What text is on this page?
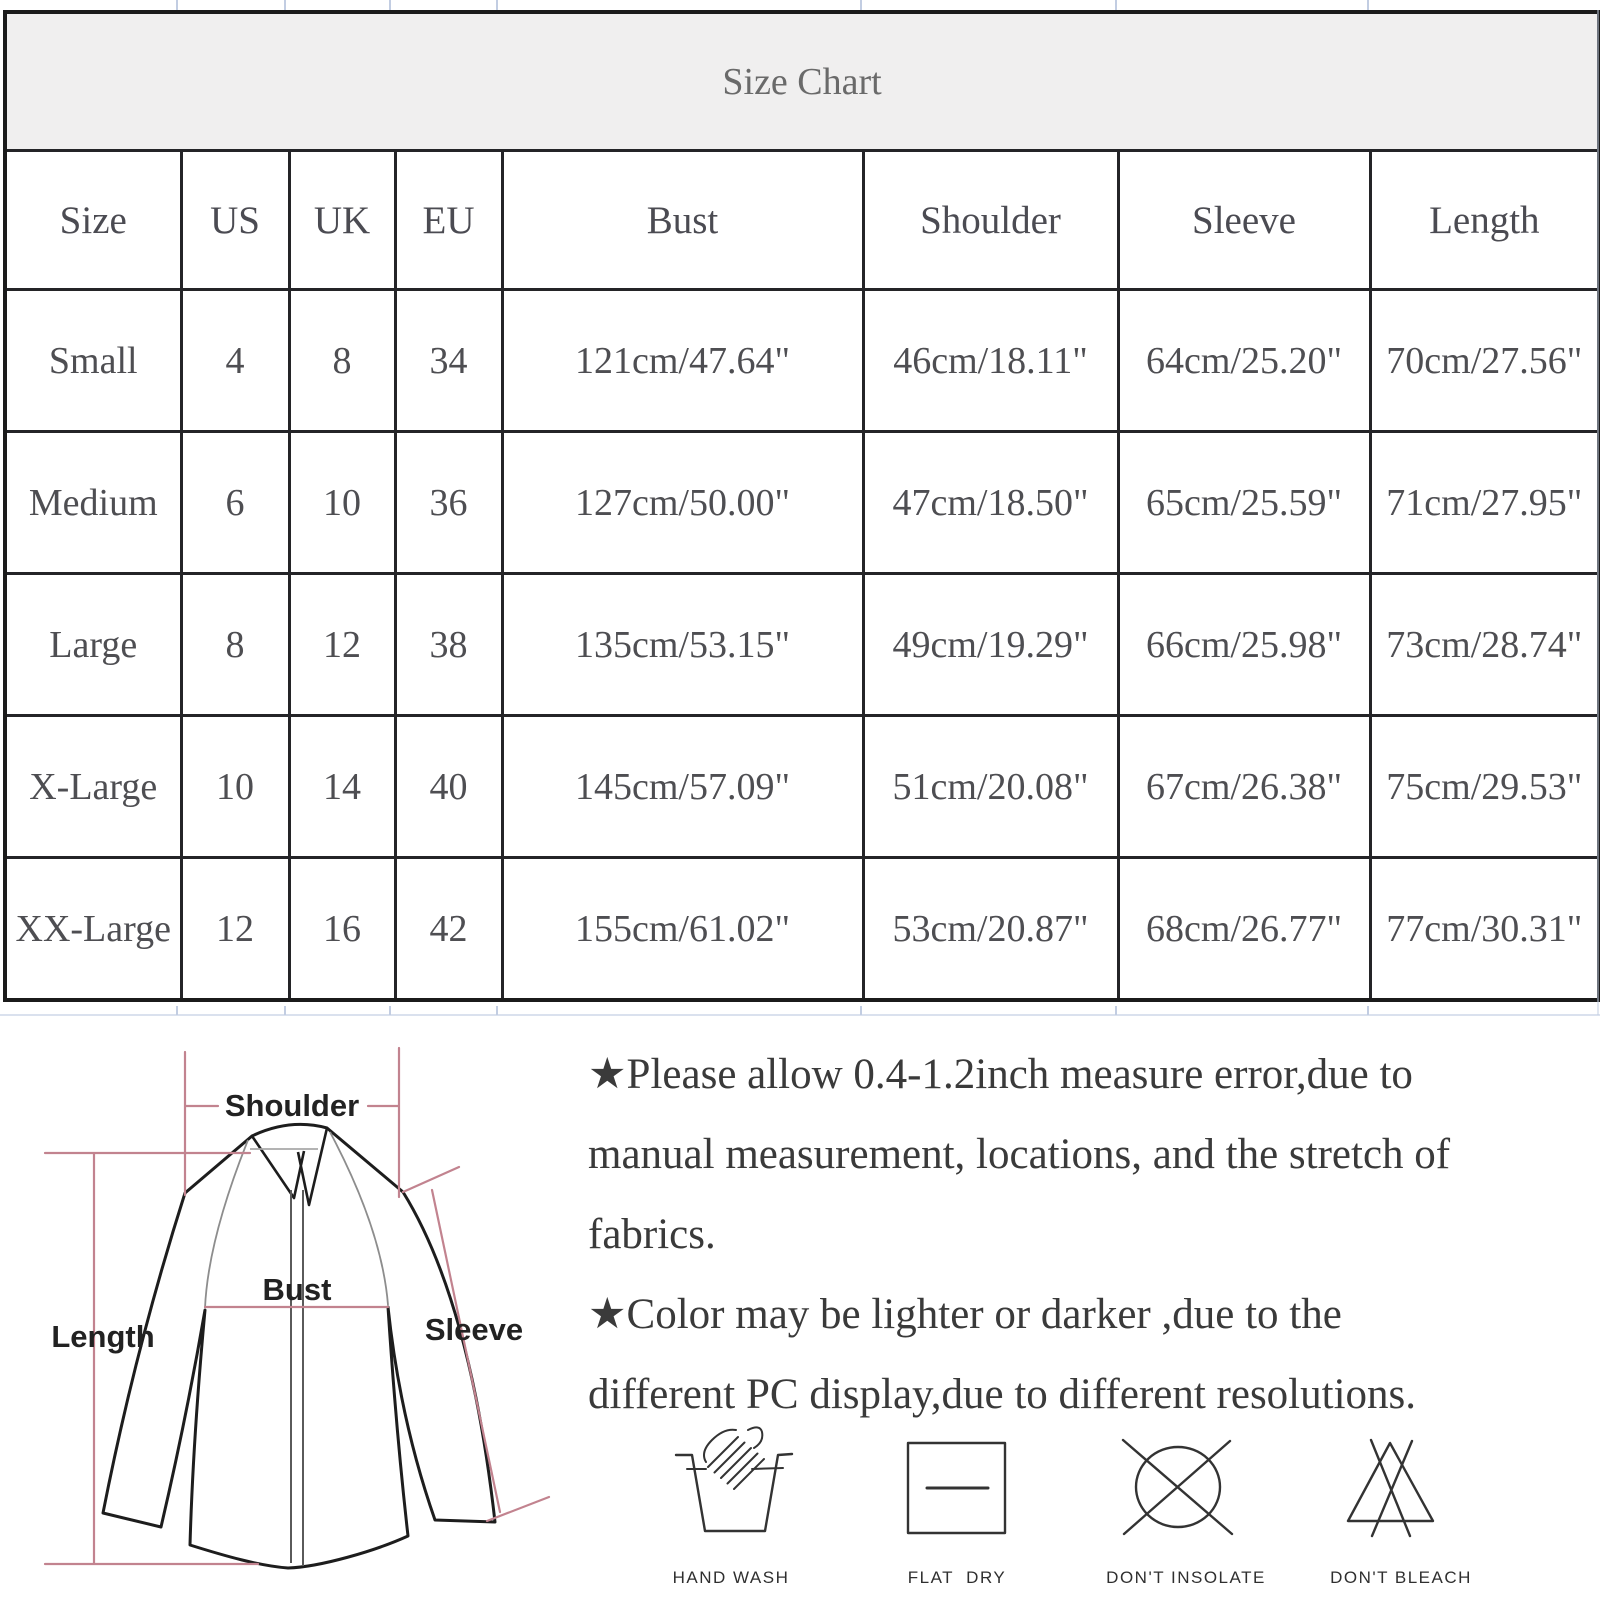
Size Chart							
Size	US	UK	EU	Bust	Shoulder	Sleeve	Length
Small	4	8	34	121cm/47.64"	46cm/18.11"	64cm/25.20"	70cm/27.56"
Medium	6	10	36	127cm/50.00"	47cm/18.50"	65cm/25.59"	71cm/27.95"
Large	8	12	38	135cm/53.15"	49cm/19.29"	66cm/25.98"	73cm/28.74"
X-Large	10	14	40	145cm/57.09"	51cm/20.08"	67cm/26.38"	75cm/29.53"
XX-Large	12	16	42	155cm/61.02"	53cm/20.87"	68cm/26.77"	77cm/30.31"
Shoulder
Bust
Length	Sleeve
★Please allow 0.4-1.2inch measure error,due to
manual measurement, locations, and the stretch of
fabrics.
★Color may be lighter or darker ,due to the
different PC display,due to different resolutions.
HAND WASH	FLAT  DRY	DON'T INSOLATE	DON'T BLEACH
